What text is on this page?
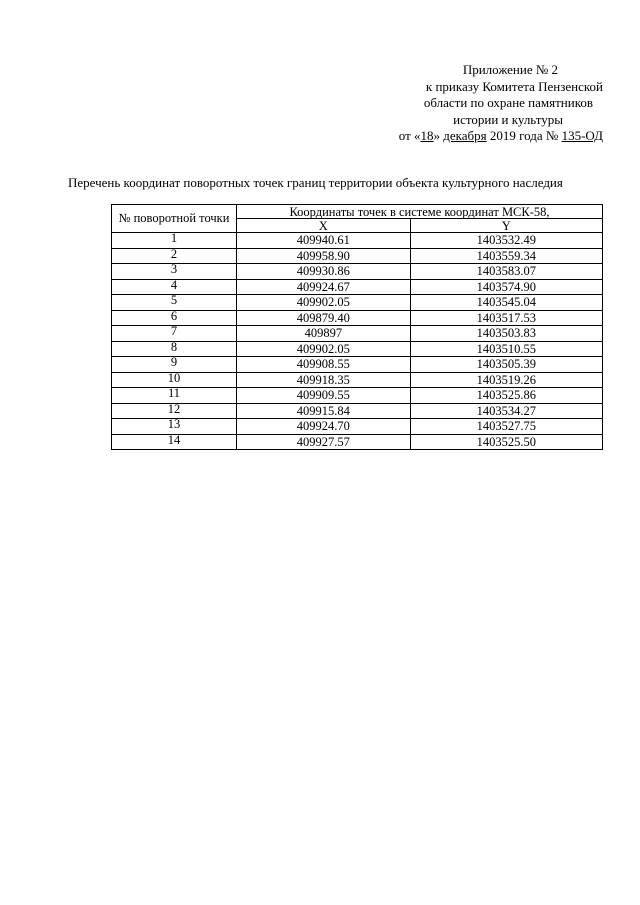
Приложение № 2
к приказу Комитета Пензенской
области по охране памятников
истории и культуры
от «18» декабря 2019 года № 135-ОД
Перечень координат поворотных точек границ территории объекта культурного наследия
№ поворотной точки	Координаты точек в системе координат МСК-58,	
	X	Y
1	409940.61	1403532.49
2	409958.90	1403559.34
3	409930.86	1403583.07
4	409924.67	1403574.90
5	409902.05	1403545.04
6	409879.40	1403517.53
7	409897	1403503.83
8	409902.05	1403510.55
9	409908.55	1403505.39
10	409918.35	1403519.26
11	409909.55	1403525.86
12	409915.84	1403534.27
13	409924.70	1403527.75
14	409927.57	1403525.50
